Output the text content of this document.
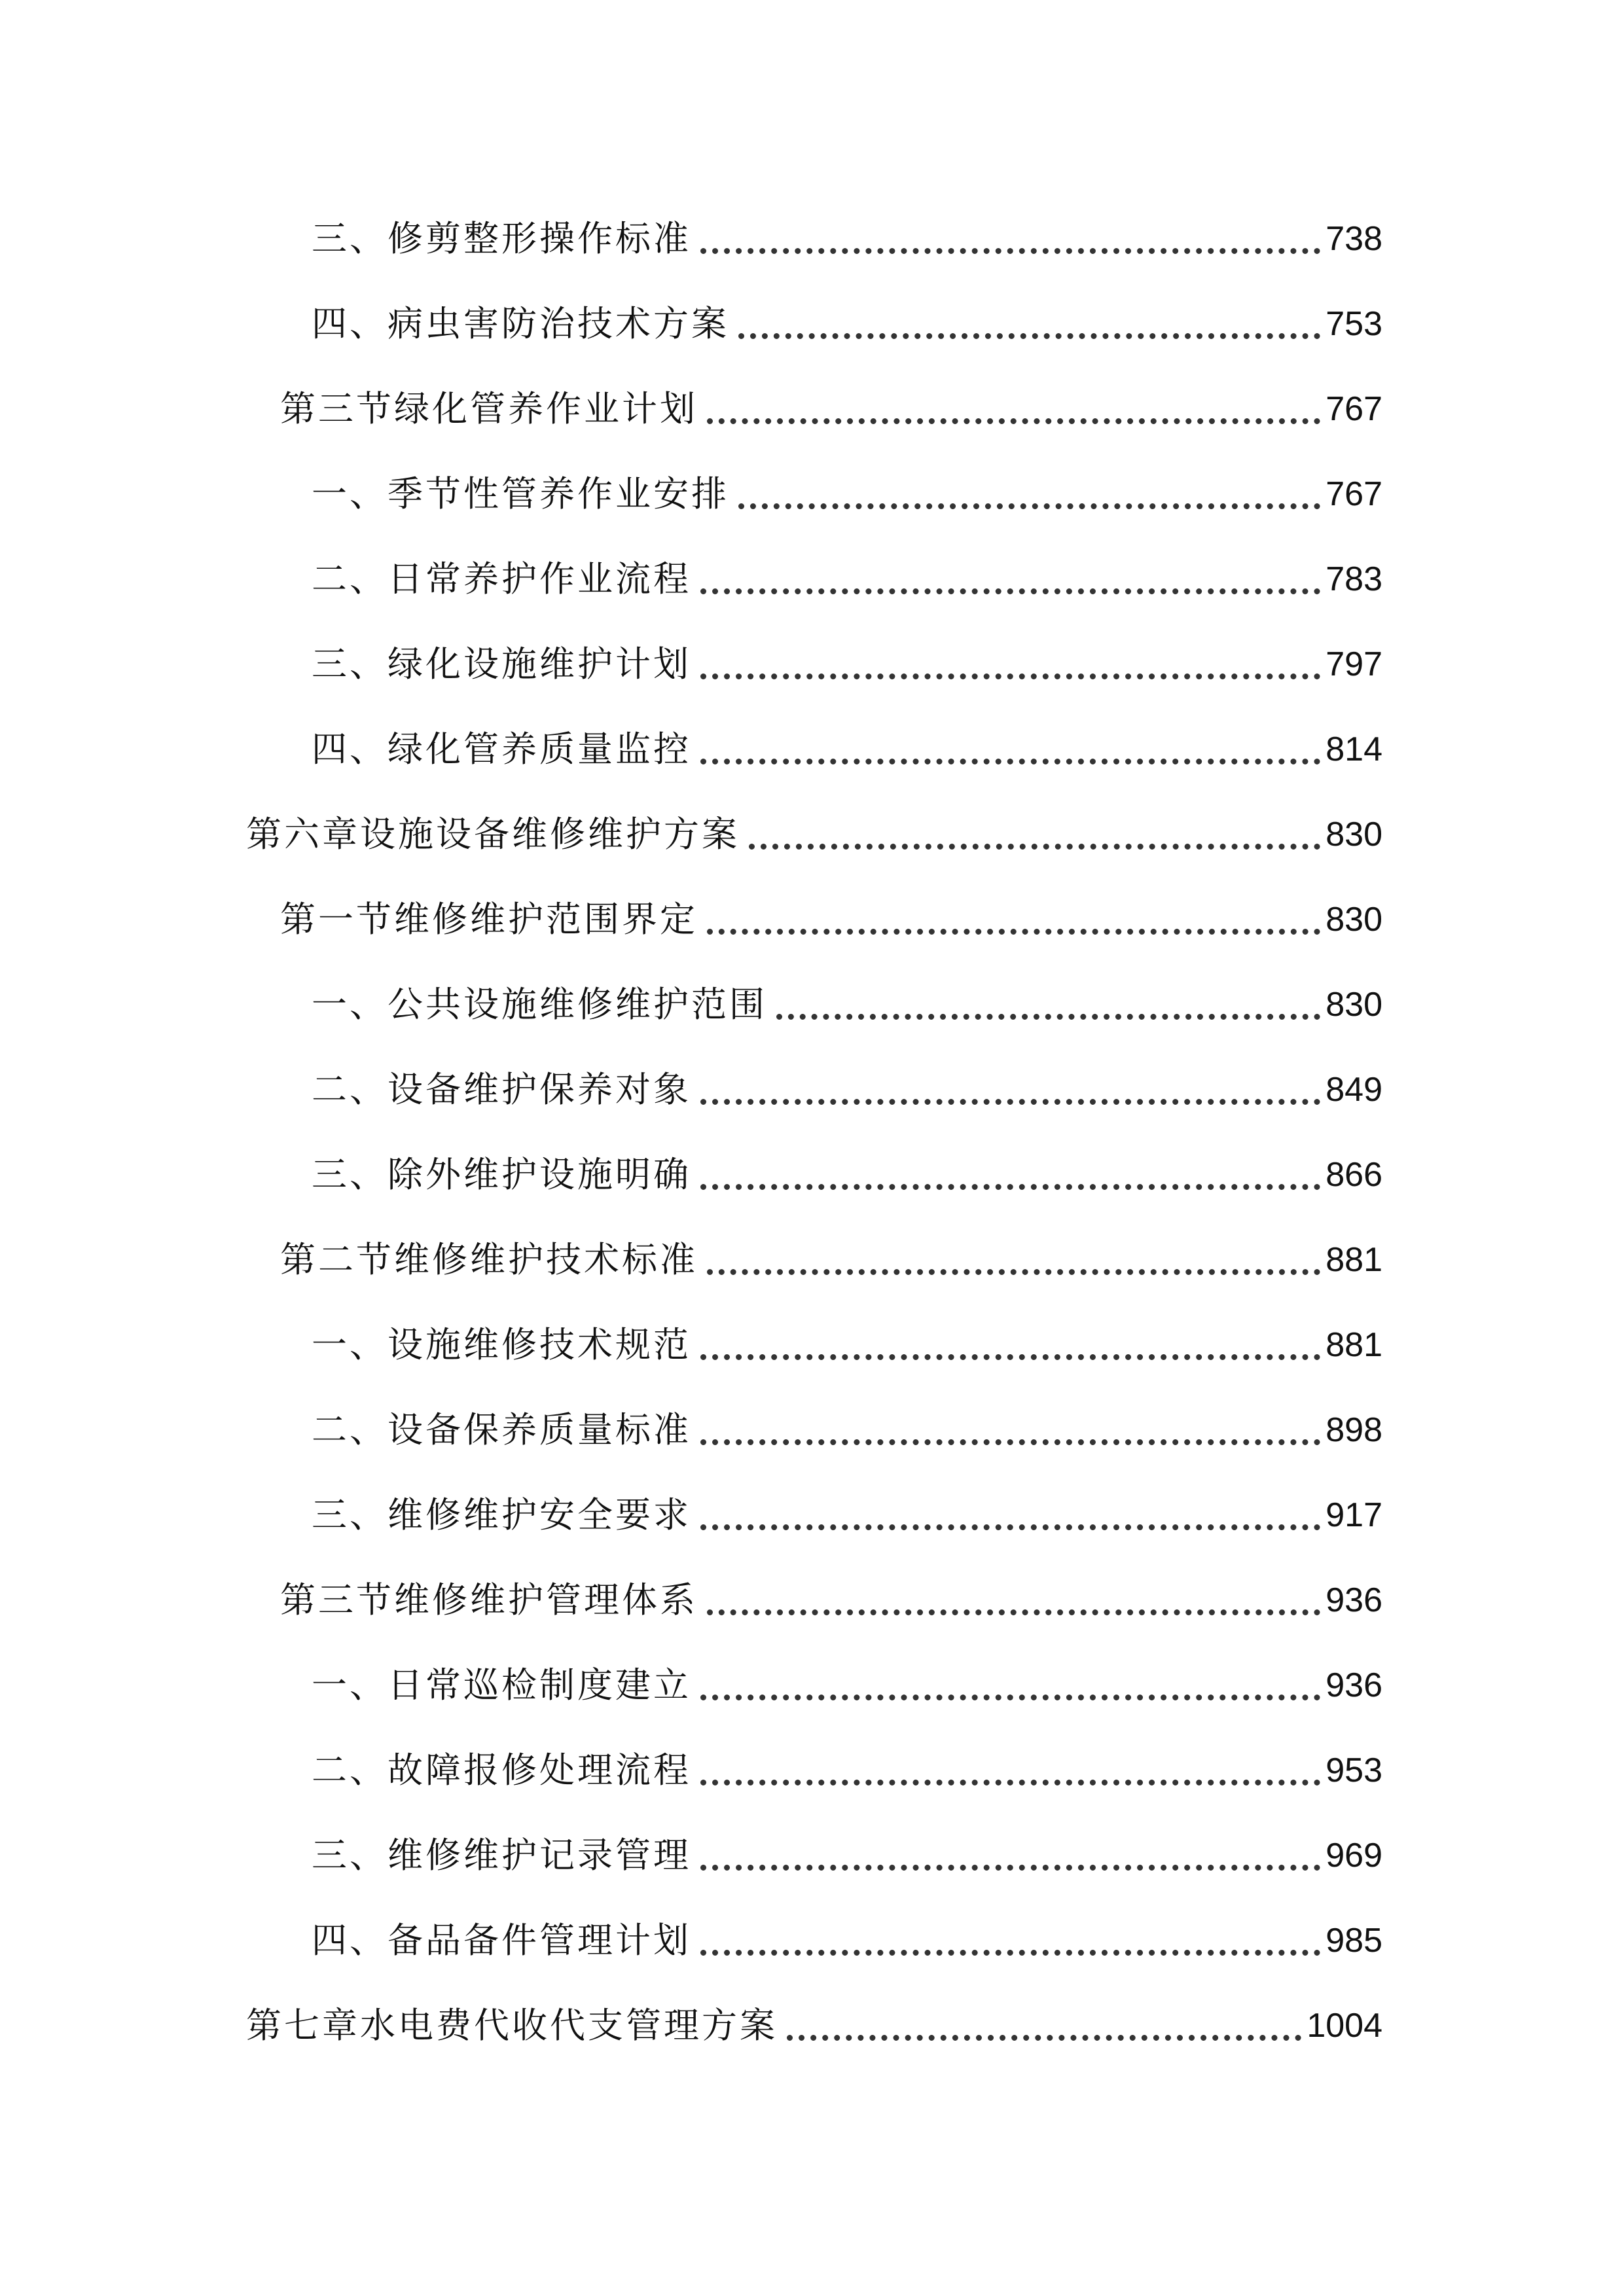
三、修剪整形操作标准	738
四、病虫害防治技术方案	753
第三节绿化管养作业计划	767
一、季节性管养作业安排	767
二、日常养护作业流程	783
三、绿化设施维护计划	797
四、绿化管养质量监控	814
第六章设施设备维修维护方案	830
第一节维修维护范围界定	830
一、公共设施维修维护范围	830
二、设备维护保养对象	849
三、除外维护设施明确	866
第二节维修维护技术标准	881
一、设施维修技术规范	881
二、设备保养质量标准	898
三、维修维护安全要求	917
第三节维修维护管理体系	936
一、日常巡检制度建立	936
二、故障报修处理流程	953
三、维修维护记录管理	969
四、备品备件管理计划	985
第七章水电费代收代支管理方案	1004
